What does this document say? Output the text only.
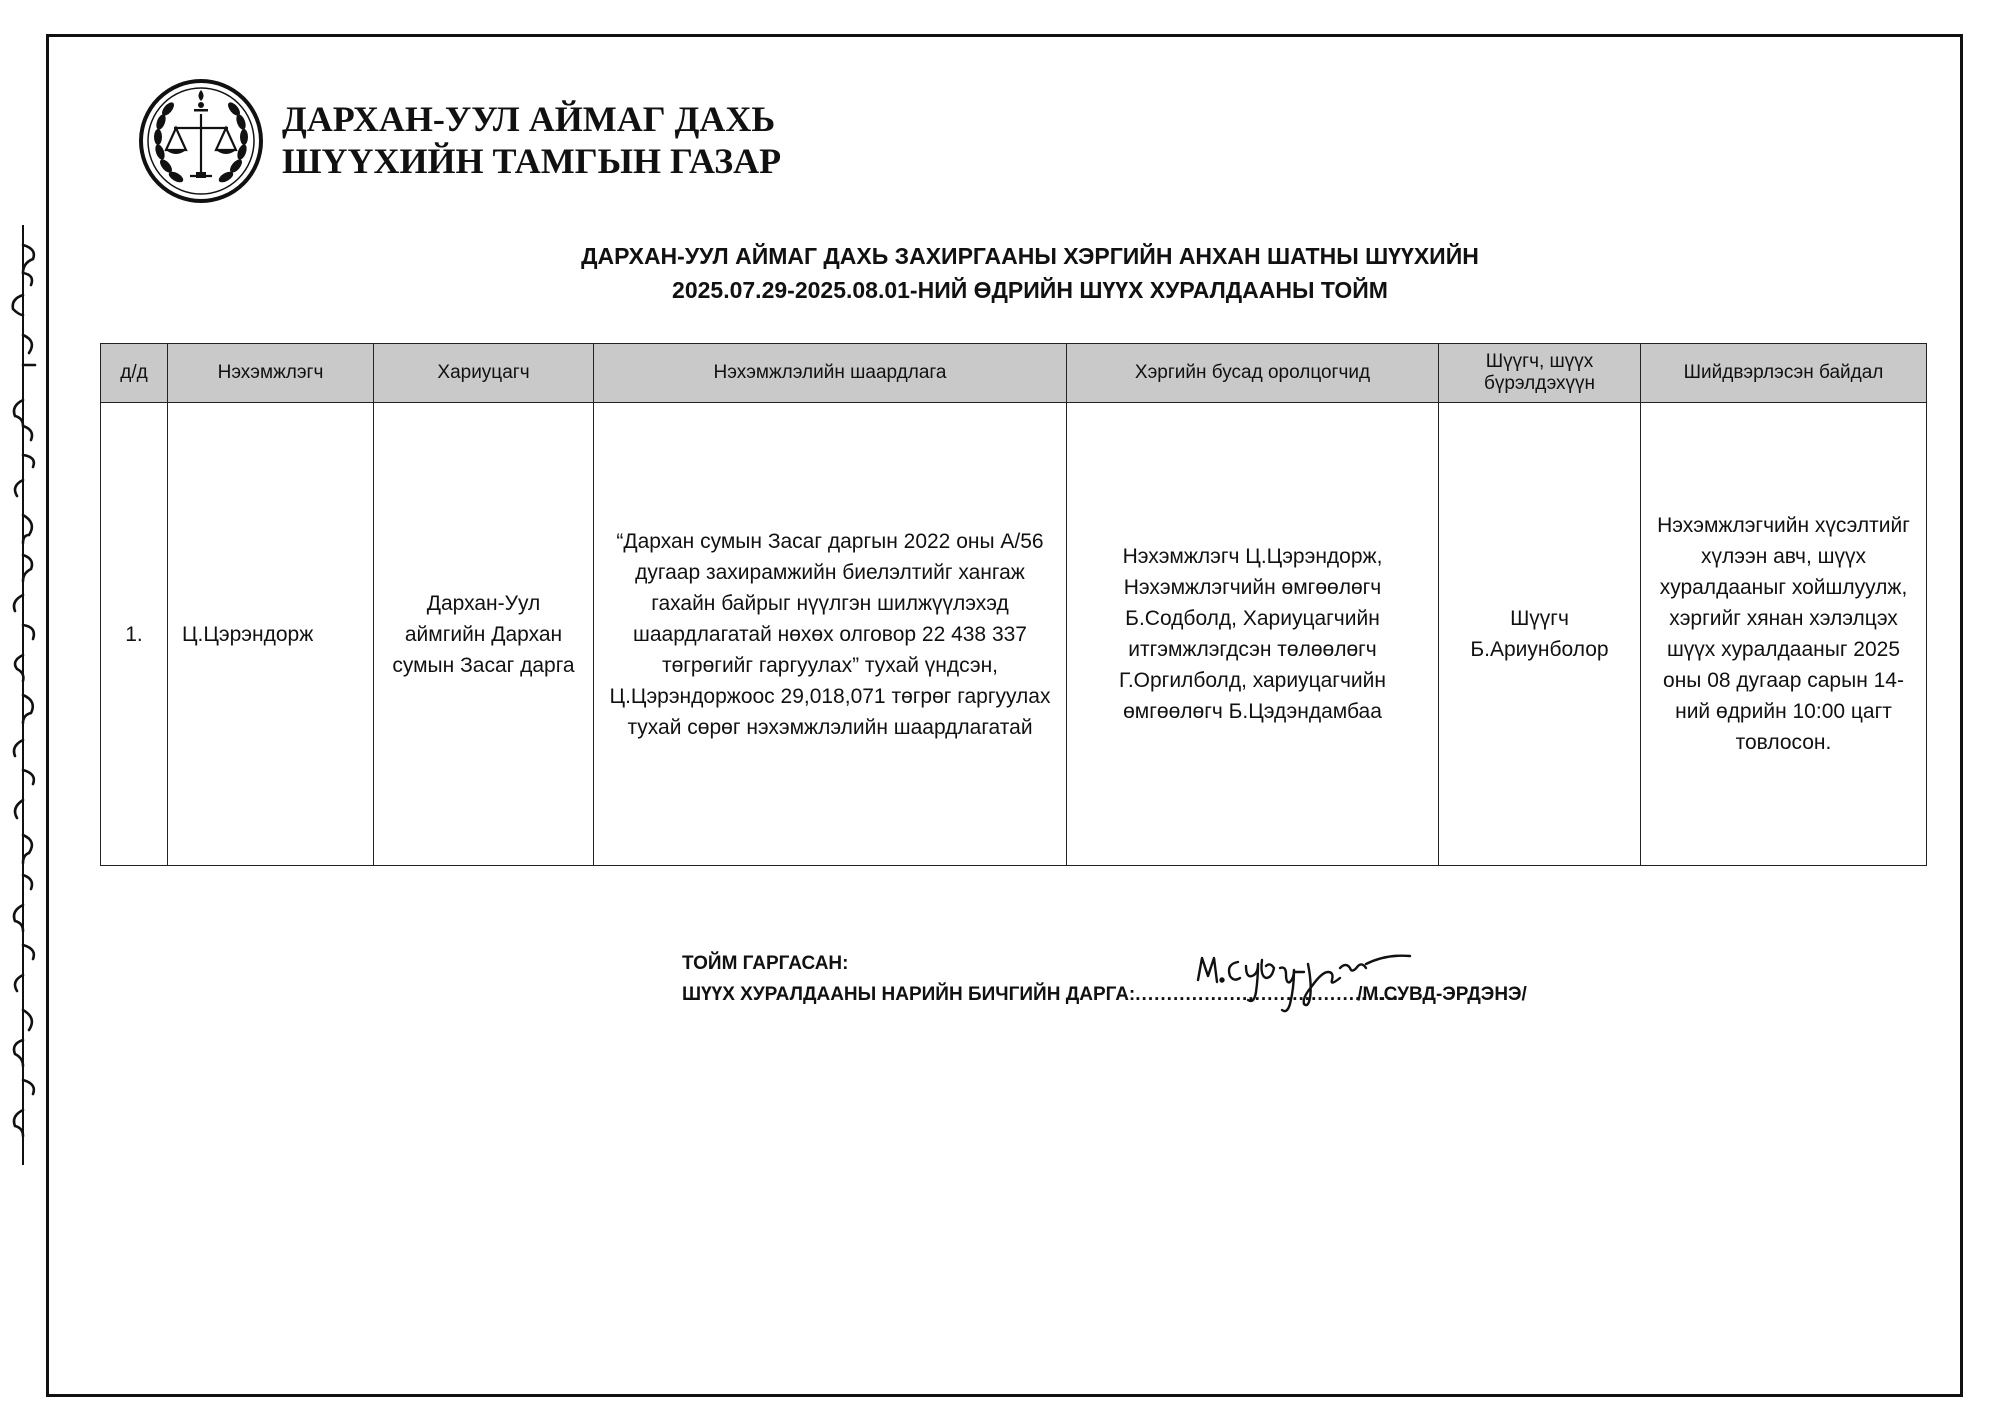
ДАРХАН-УУЛ АЙМАГ ДАХЬ
ШҮҮХИЙН ТАМГЫН ГАЗАР
ДАРХАН-УУЛ АЙМАГ ДАХЬ ЗАХИРГААНЫ ХЭРГИЙН АНХАН ШАТНЫ ШҮҮХИЙН
2025.07.29-2025.08.01-НИЙ ӨДРИЙН ШҮҮХ ХУРАЛДААНЫ ТОЙМ
д/д	Нэхэмжлэгч	Хариуцагч	Нэхэмжлэлийн шаардлага	Хэргийн бусад оролцогчид	Шүүгч, шүүх бүрэлдэхүүн	Шийдвэрлэсэн байдал
1.	Ц.Цэрэндорж	Дархан-Уул аймгийн Дархан сумын Засаг дарга	“Дархан сумын Засаг даргын 2022 оны А/56 дугаар захирамжийн биелэлтийг хангаж гахайн байрыг нүүлгэн шилжүүлэхэд шаардлагатай нөхөх олговор 22 438 337 төгрөгийг гаргуулах” тухай үндсэн, Ц.Цэрэндоржоос 29,018,071 төгрөг гаргуулах тухай сөрөг нэхэмжлэлийн шаардлагатай	Нэхэмжлэгч Ц.Цэрэндорж, Нэхэмжлэгчийн өмгөөлөгч Б.Содболд, Хариуцагчийн итгэмжлэгдсэн төлөөлөгч Г.Оргилболд, хариуцагчийн өмгөөлөгч Б.Цэдэндамбаа	Шүүгч Б.Ариунболор	Нэхэмжлэгчийн хүсэлтийг хүлээн авч, шүүх хуралдааныг хойшлуулж, хэргийг хянан хэлэлцэх шүүх хуралдааныг 2025 оны 08 дугаар сарын 14-ний өдрийн 10:00 цагт товлосон.
ТОЙМ ГАРГАСАН:
ШҮҮХ ХУРАЛДААНЫ НАРИЙН БИЧГИЙН ДАРГА: ...........................................
/М.СУВД-ЭРДЭНЭ/
